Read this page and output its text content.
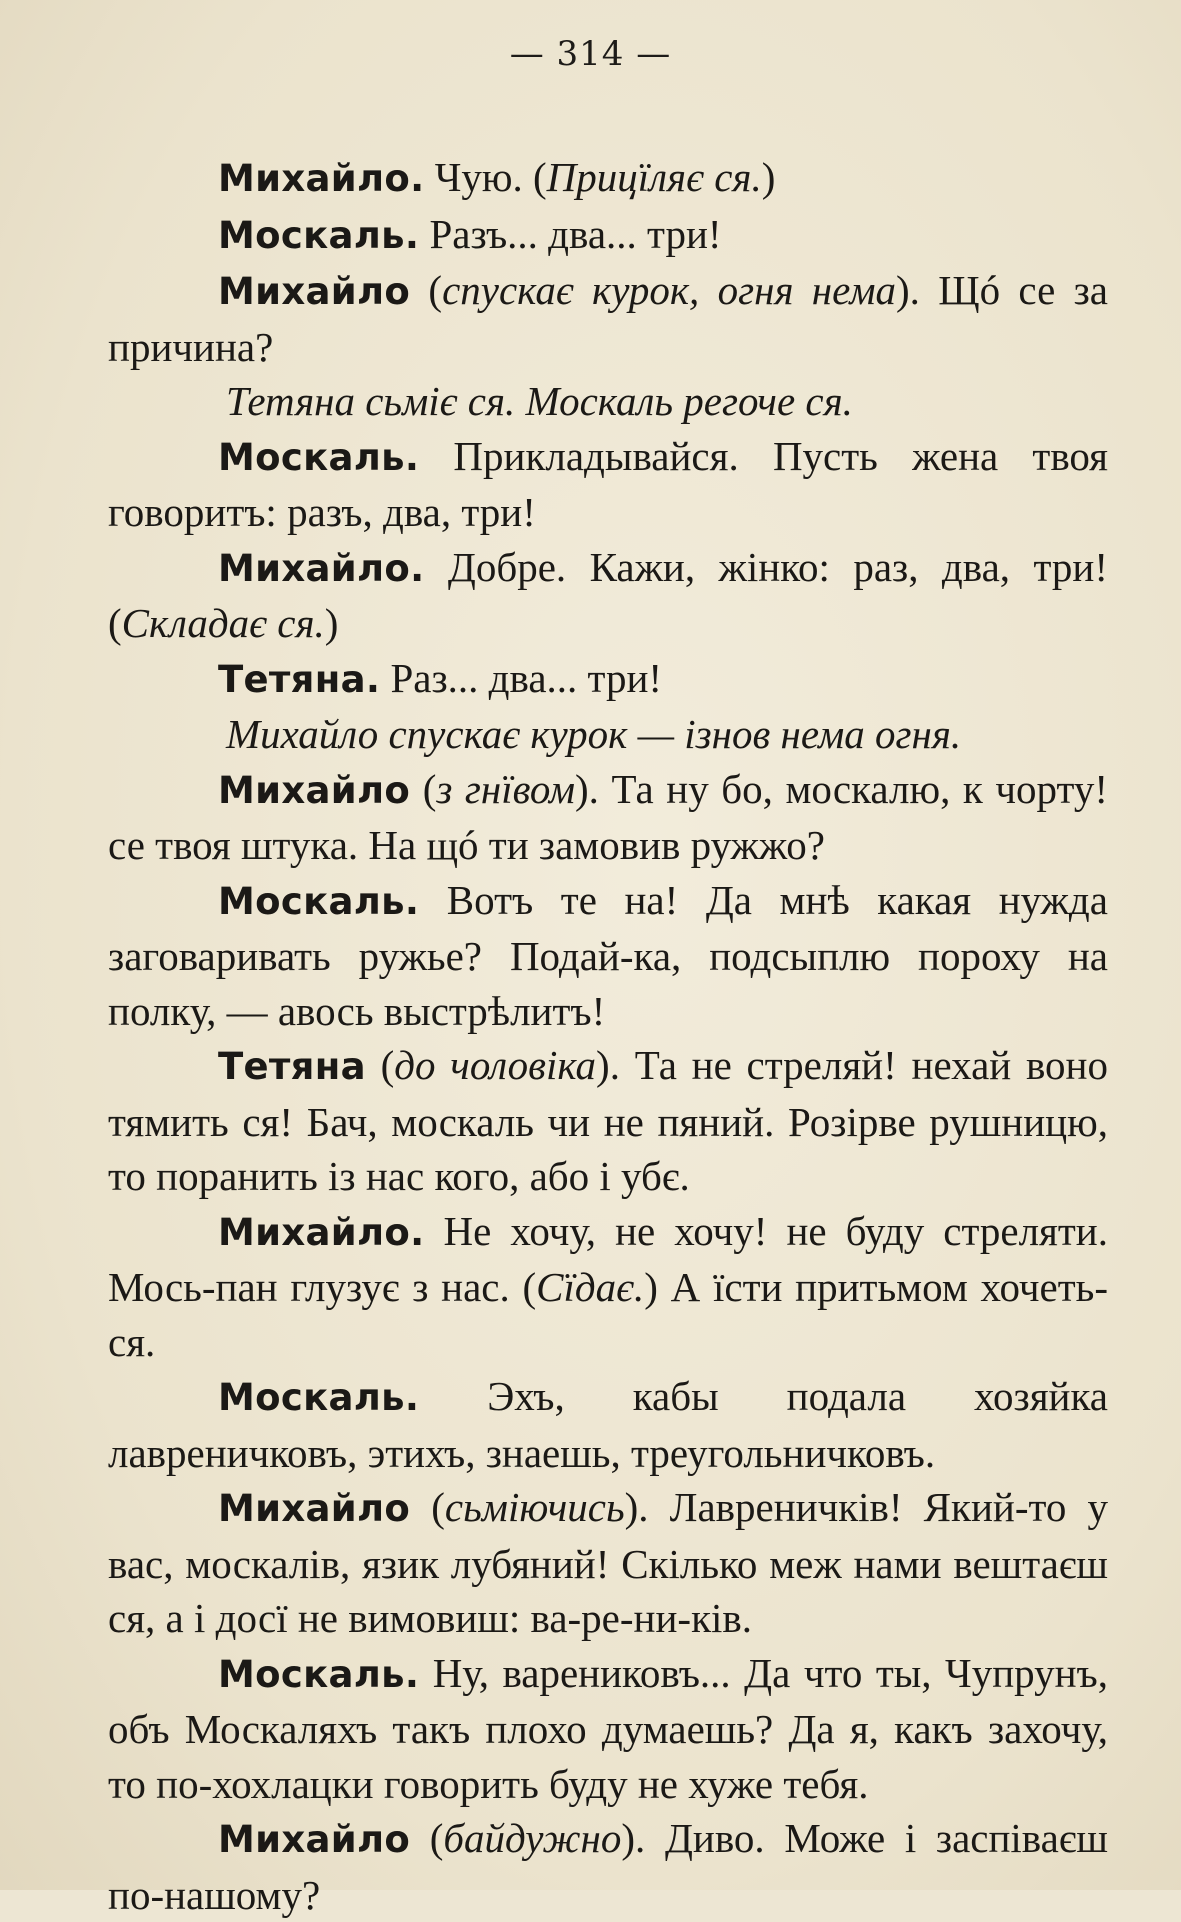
— 314 —

Михайло. Чую. (Прицїляє ся.)

Москаль. Разъ... два... три!

Михайло (спускає курок, огня нема). Щó се за причина?

Тетяна сьміє ся. Москаль регоче ся.

Москаль. Прикладывайся. Пусть жена твоя говоритъ: разъ, два, три!

Михайло. Добре. Кажи, жінко: раз, два, три! (Складає ся.)

Тетяна. Раз... два... три!

Михайло спускає курок — ізнов нема огня.

Михайло (з гнївом). Та ну бо, москалю, к чорту! се твоя штука. На щó ти замовив ружжо?

Москаль. Вотъ те на! Да мнѣ какая нужда заговаривать ружье? Подай-ка, подсыплю пороху на полку, — авось выстрѣлитъ!

Тетяна (до чоловіка). Та не стреляй! нехай воно тямить ся! Бач, москаль чи не пяний. Розірве рушницю, то поранить із нас кого, або і убє.

Михайло. Не хочу, не хочу! не буду стреляти. Мось-пан глузує з нас. (Сїдає.) А їсти притьмом хочеть-ся.

Москаль. Эхъ, кабы подала хозяйка лавреничковъ, этихъ, знаешь, треугольничковъ.

Михайло (сьміючись). Лавреничків! Який-то у вас, москалів, язик лубяний! Скілько меж нами вештаєш ся, а і досї не вимовиш: ва-ре-ни-ків.

Москаль. Ну, варениковъ... Да что ты, Чупрунъ, объ Москаляхъ такъ плохо думаешь? Да я, какъ захочу, то по-хохлацки говорить буду не хуже тебя.

Михайло (байдужно). Диво. Може і заспіваєш по-нашому?
